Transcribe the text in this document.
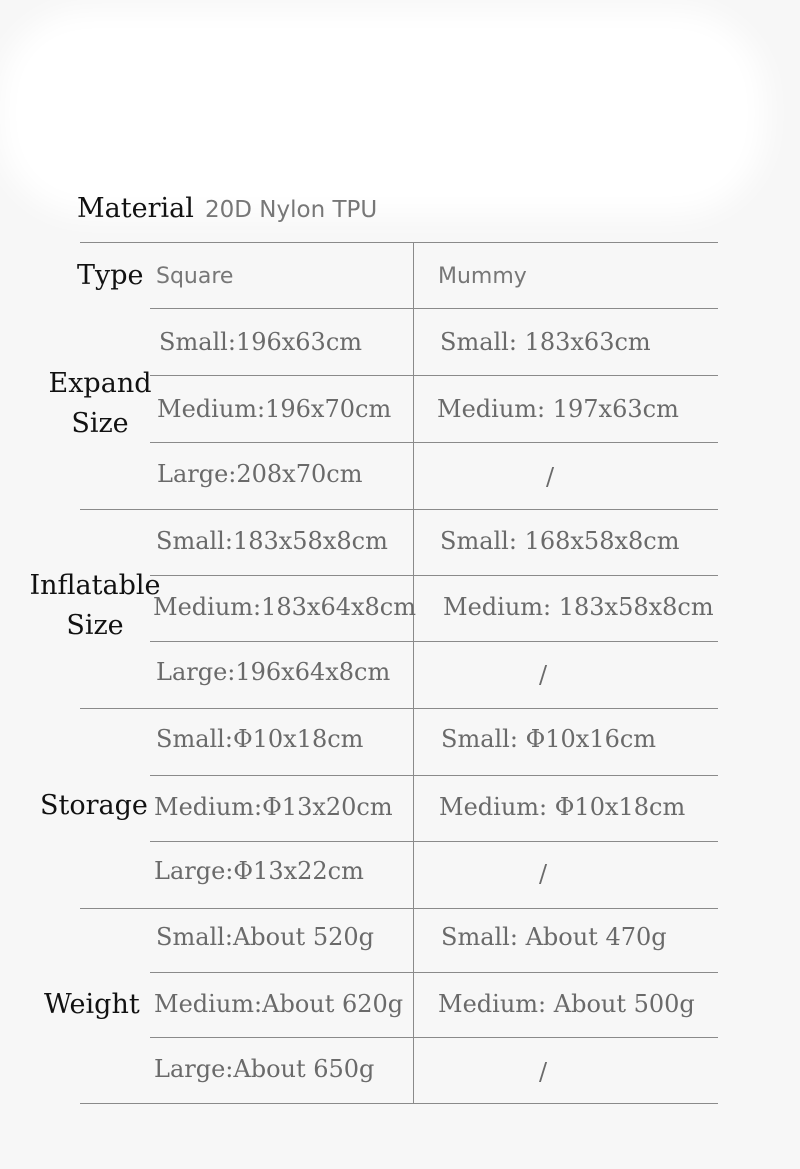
Material 20D Nylon TPU
Type Square	Mummy
Expand
Size
Small:196x63cm	Small: 183x63cm
Medium:196x70cm Medium: 197x63cm
Large:208x70cm	/
Inflatable
Size
Small:183x58x8cm Small: 168x58x8cm
Medium:183x64x8cm Medium: 183x58x8cm
Large:196x64x8cm	/
Storage
Small:Φ10x18cm	Small: Φ10x16cm
Medium:Φ13x20cm Medium: Φ10x18cm
Large:Φ13x22cm	/
Weight
Small:About 520g	Small: About 470g
Medium:About 620g Medium: About 500g
Large:About 650g	/
